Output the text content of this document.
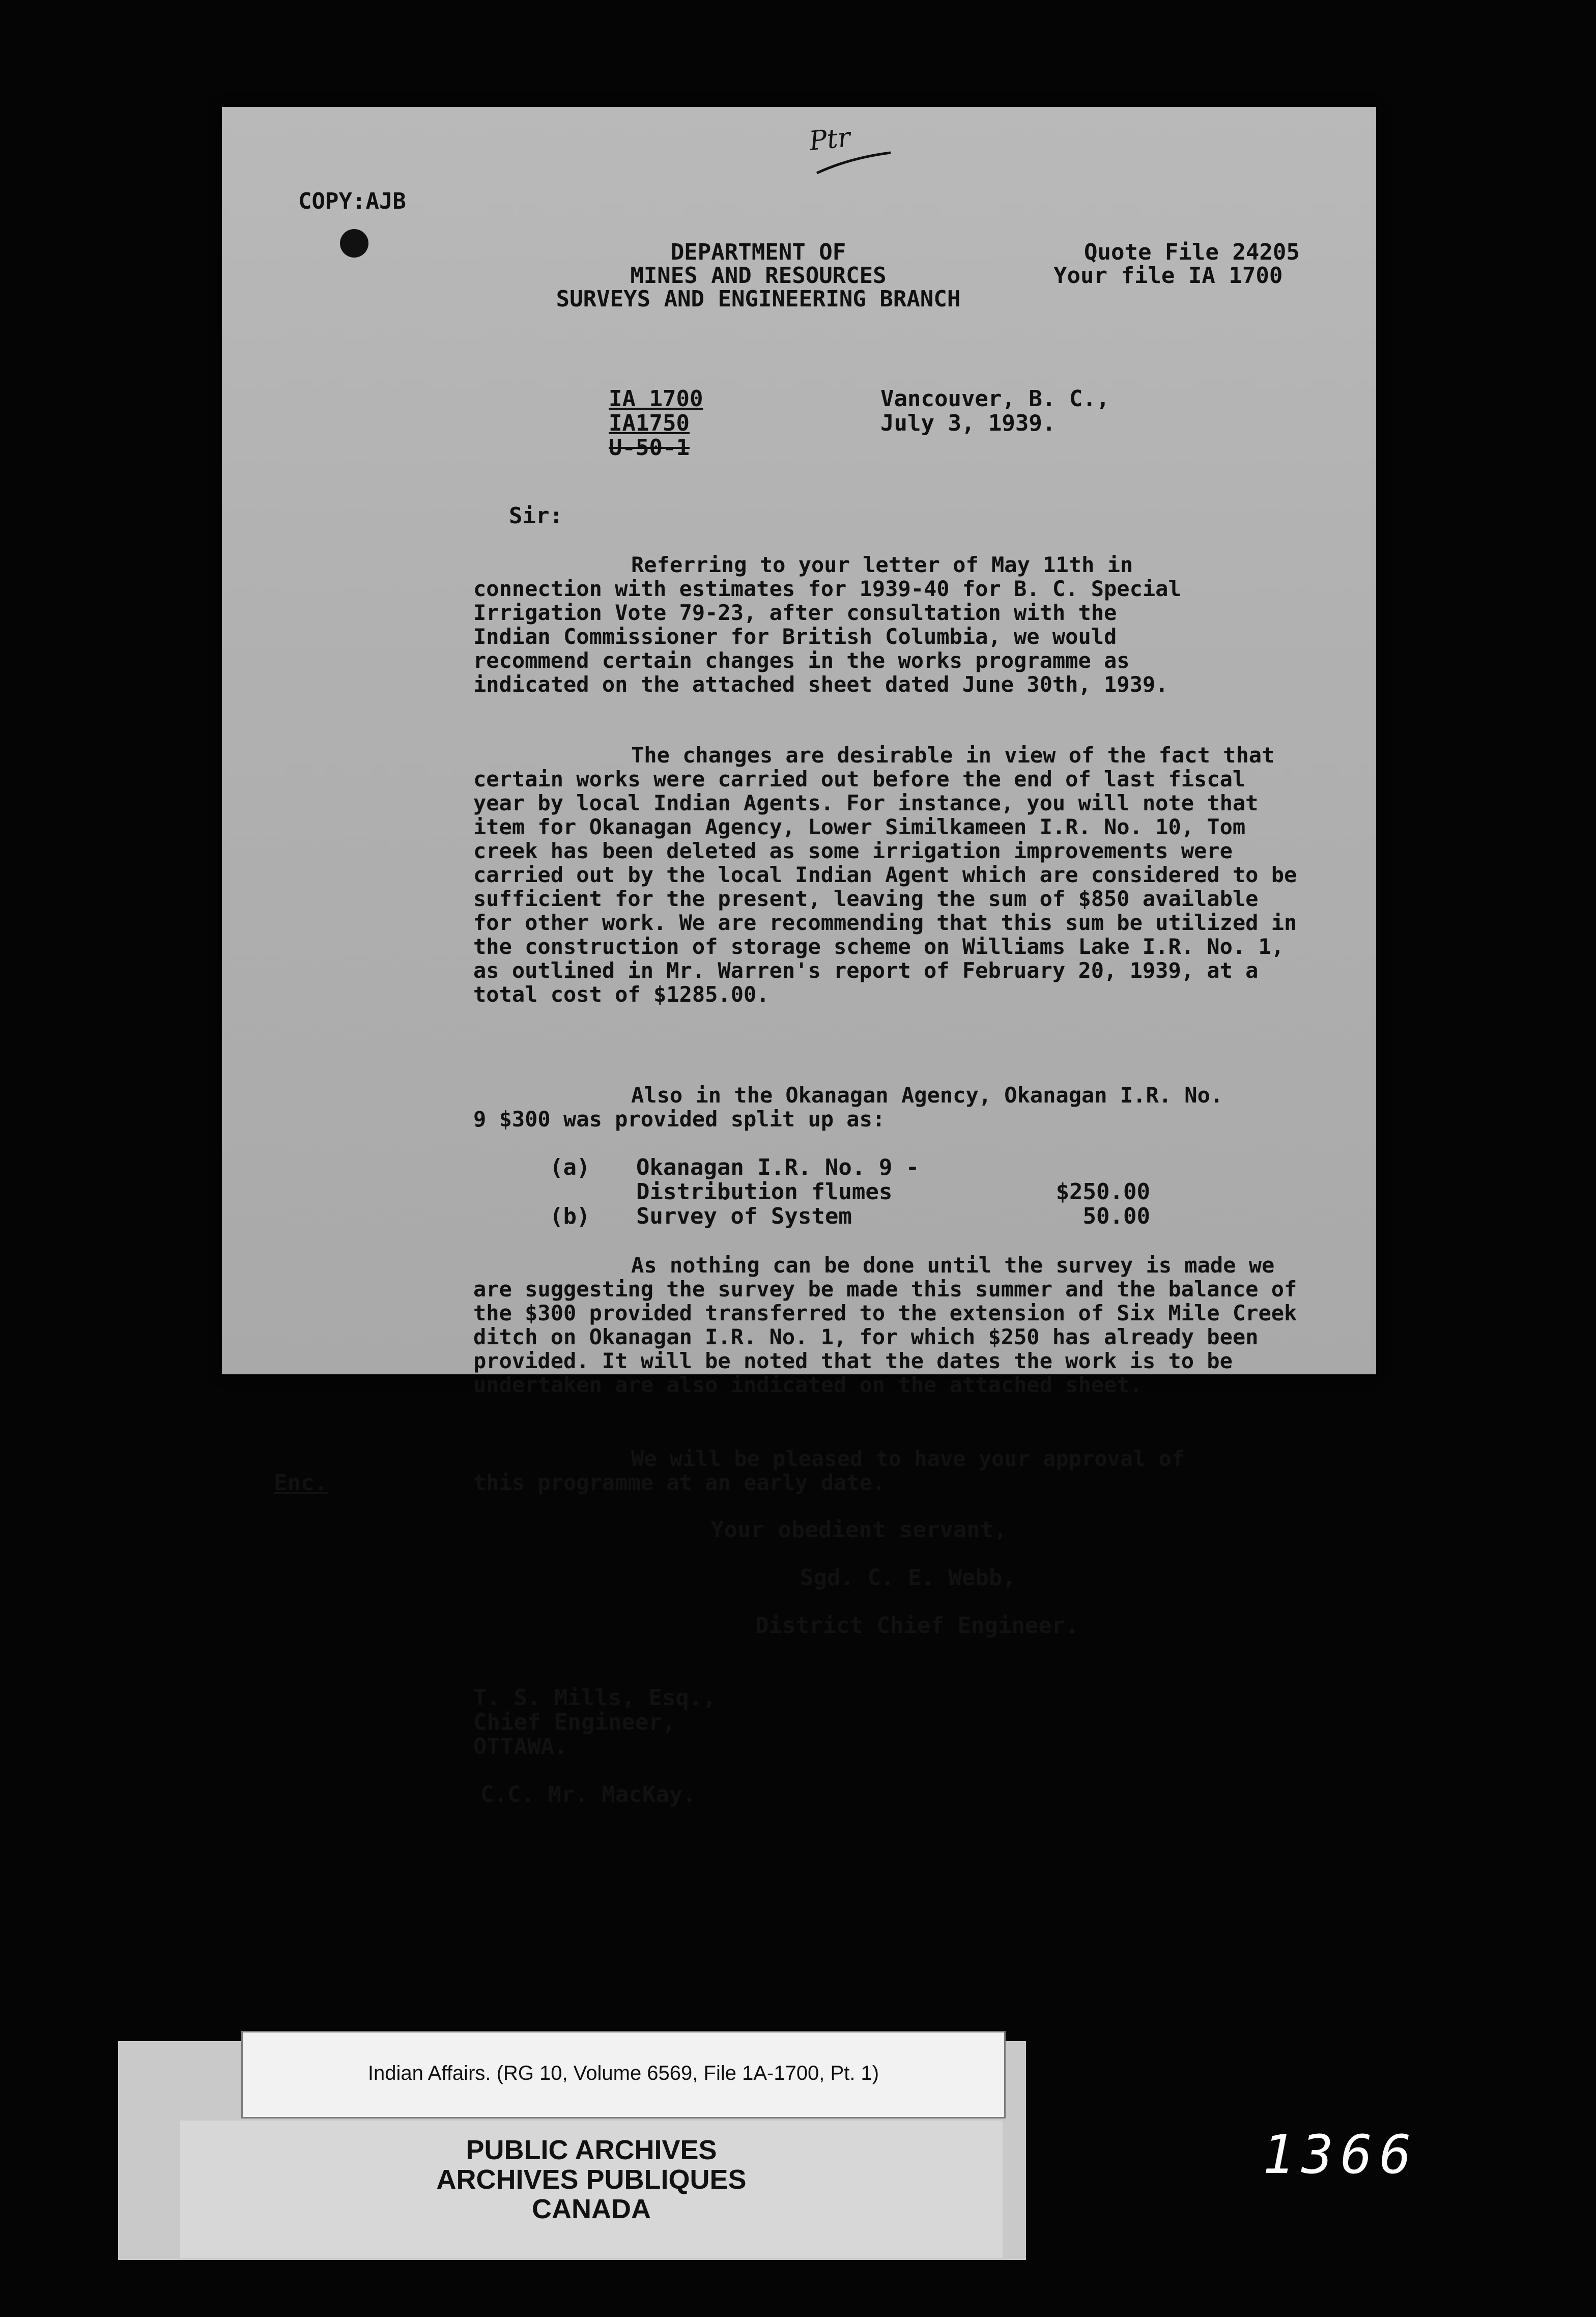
COPY:AJB
Ptr
DEPARTMENT OF
MINES AND RESOURCES
SURVEYS AND ENGINEERING BRANCH
Quote File 24205
Your file IA 1700
IA 1700
IA1750
U-50-1
Vancouver, B. C.,
July 3, 1939.
Sir:

Referring to your letter of May 11th in connection with estimates for 1939-40 for B. C. Special Irrigation Vote 79-23, after consultation with the Indian Commissioner for British Columbia, we would recommend certain changes in the works programme as indicated on the attached sheet dated June 30th, 1939.

The changes are desirable in view of the fact that certain works were carried out before the end of last fiscal year by local Indian Agents. For instance, you will note that item for Okanagan Agency, Lower Similkameen I.R. No. 10, Tom creek has been deleted as some irrigation improvements were carried out by the local Indian Agent which are considered to be sufficient for the present, leaving the sum of $850 available for other work. We are recommending that this sum be utilized in the construction of storage scheme on Williams Lake I.R. No. 1, as outlined in Mr. Warren's report of February 20, 1939, at a total cost of $1285.00.

Also in the Okanagan Agency, Okanagan I.R. No. 9 $300 was provided split up as:

(a) Okanagan I.R. No. 9 -
Distribution flumes	$250.00
(b) Survey of System	50.00

As nothing can be done until the survey is made we are suggesting the survey be made this summer and the balance of the $300 provided transferred to the extension of Six Mile Creek ditch on Okanagan I.R. No. 1, for which $250 has already been provided. It will be noted that the dates the work is to be undertaken are also indicated on the attached sheet.

We will be pleased to have your approval of this programme at an early date.

Enc.
Your obedient servant,
Sgd. C. E. Webb,
District Chief Engineer.
T. S. Mills, Esq.,
Chief Engineer,
OTTAWA.
C.C. Mr. MacKay.
PUBLIC ARCHIVES
ARCHIVES PUBLIQUES
CANADA
Indian Affairs. (RG 10, Volume 6569, File 1A-1700, Pt. 1)
1366
